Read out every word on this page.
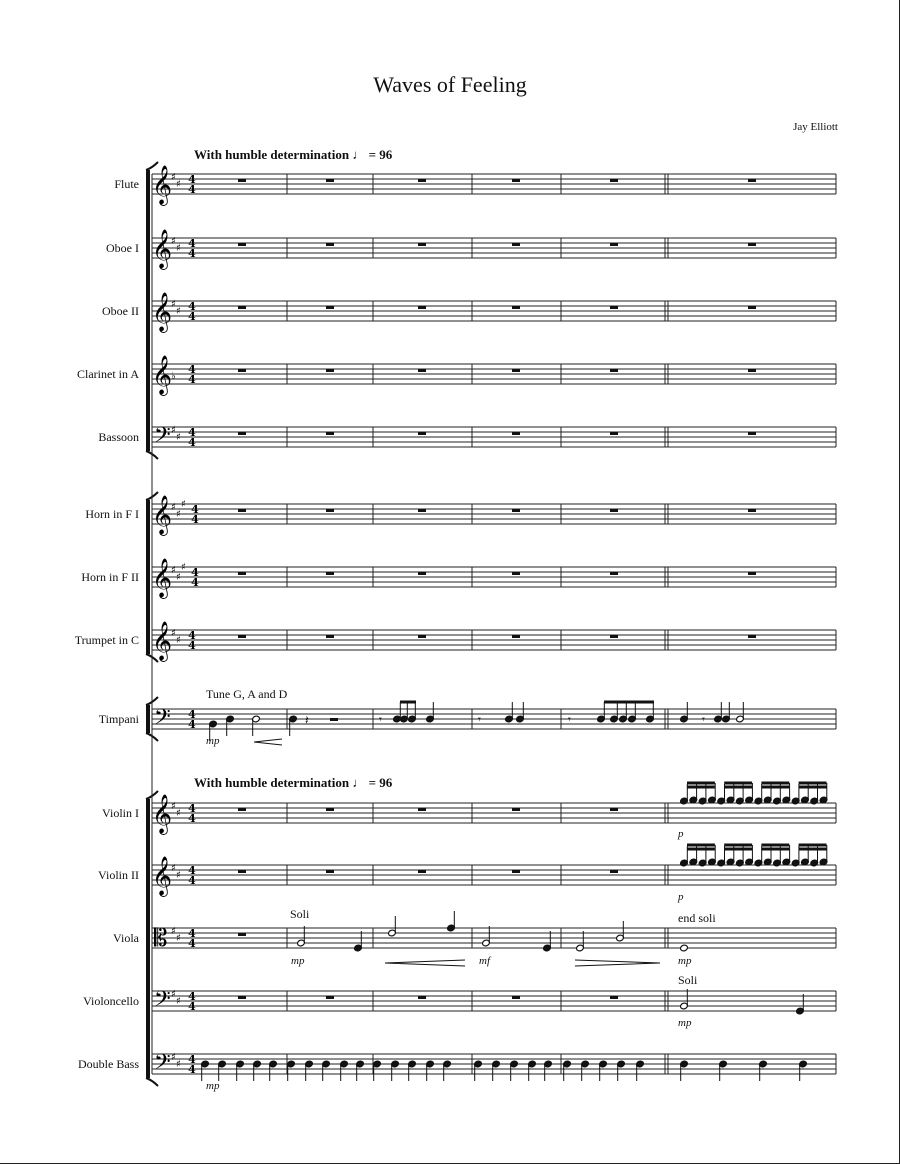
Waves of Feeling
Jay Elliott
With humble determination ♩ = 96
With humble determination ♩ = 96
Flute
Oboe I
Oboe II
Clarinet in A
Bassoon
Horn in F I
Horn in F II
Trumpet in C
Timpani
Violin I
Violin II
Viola
Violoncello
Double Bass
Tune G, A and D
Soli	end soli
Soli
mp
p
p
mp	mf	mp
mp
mp
𝄞
♯
♯ 4
4
𝄞
♯
♯ 4
4
𝄞
♯
♯ 4
4
𝄞
♭
4
4
𝄢 ♯
♯ 4
4
𝄞
♯
♯
♯ 4
4
𝄞
♯
♯
♯ 4
4
𝄞
♯
♯ 4
4
𝄢 4
4
𝄞
♯
♯ 4
4
𝄞
♯
♯ 4
4
𝄡 ♯
♯ 4
4
𝄢 ♯
♯ 4
4
𝄢 ♯
♯ 4
4
𝄽	𝄾	𝄾	𝄾	𝄾
